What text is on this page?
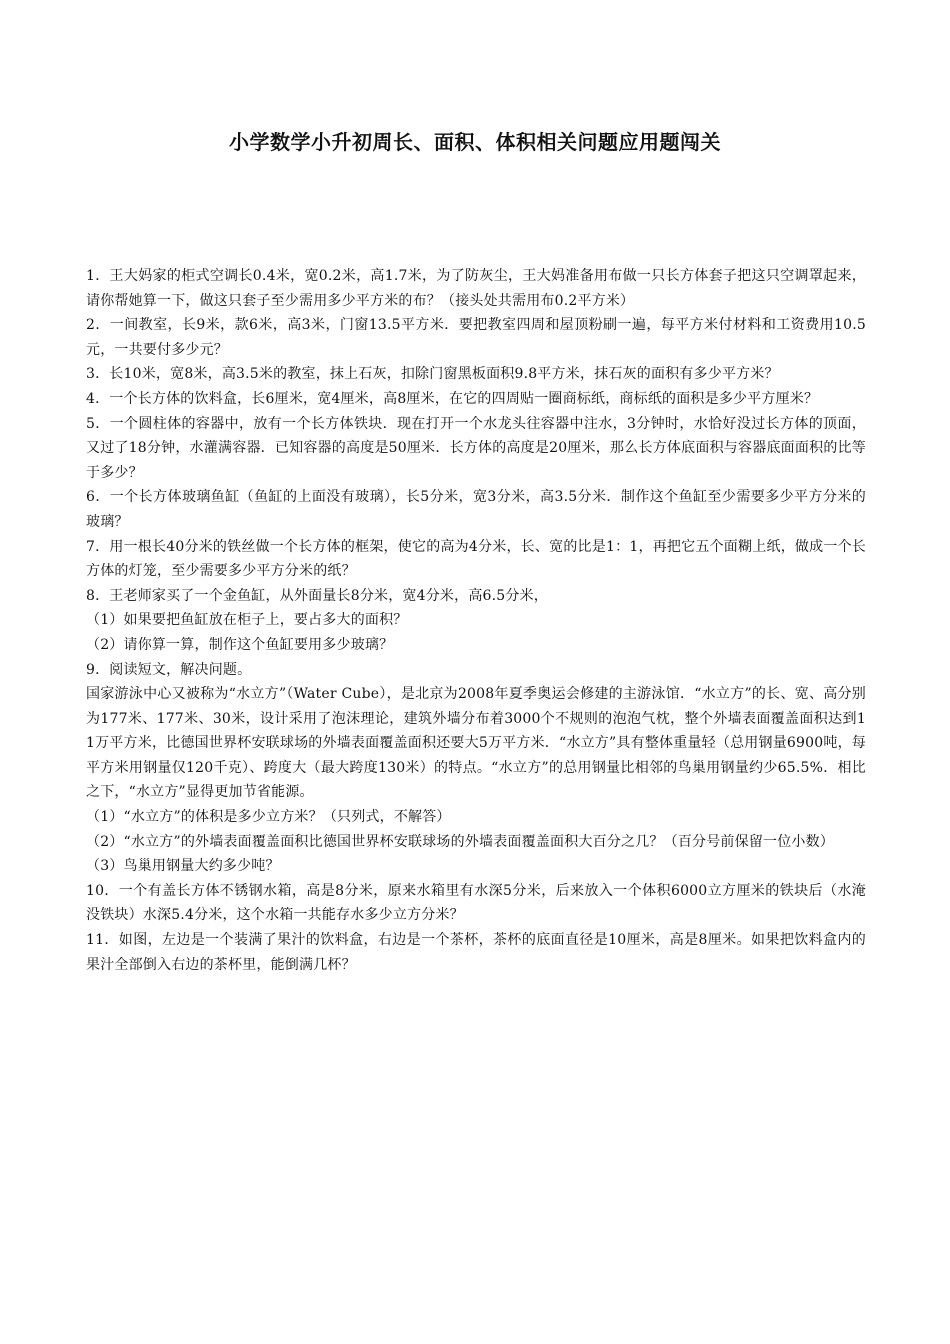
小学数学小升初周长、面积、体积相关问题应用题闯关

1．王大妈家的柜式空调长0.4米，宽0.2米，高1.7米，为了防灰尘，王大妈准备用布做一只长方体套子把这只空调罩起来，请你帮她算一下，做这只套子至少需用多少平方米的布？（接头处共需用布0.2平方米）

2．一间教室，长9米，款6米，高3米，门窗13.5平方米．要把教室四周和屋顶粉刷一遍，每平方米付材料和工资费用10.5元，一共要付多少元？

3．长10米，宽8米，高3.5米的教室，抹上石灰，扣除门窗黑板面积9.8平方米，抹石灰的面积有多少平方米？

4．一个长方体的饮料盒，长6厘米，宽4厘米，高8厘米，在它的四周贴一圈商标纸，商标纸的面积是多少平方厘米？

5．一个圆柱体的容器中，放有一个长方体铁块．现在打开一个水龙头往容器中注水，3分钟时，水恰好没过长方体的顶面，又过了18分钟，水灌满容器．已知容器的高度是50厘米．长方体的高度是20厘米，那么长方体底面积与容器底面面积的比等于多少？

6．一个长方体玻璃鱼缸（鱼缸的上面没有玻璃），长5分米，宽3分米，高3.5分米．制作这个鱼缸至少需要多少平方分米的玻璃？

7．用一根长40分米的铁丝做一个长方体的框架，使它的高为4分米，长、宽的比是1：1，再把它五个面糊上纸，做成一个长方体的灯笼，至少需要多少平方分米的纸？

8．王老师家买了一个金鱼缸，从外面量长8分米，宽4分米，高6.5分米，

（1）如果要把鱼缸放在柜子上，要占多大的面积？

（2）请你算一算，制作这个鱼缸要用多少玻璃？

9．阅读短文，解决问题。

国家游泳中心又被称为“水立方”（Water Cube），是北京为2008年夏季奥运会修建的主游泳馆．“水立方”的长、宽、高分别为177米、177米、30米，设计采用了泡沫理论，建筑外墙分布着3000个不规则的泡泡气枕，整个外墙表面覆盖面积达到11万平方米，比德国世界杯安联球场的外墙表面覆盖面积还要大5万平方米．“水立方”具有整体重量轻（总用钢量6900吨，每平方米用钢量仅120千克）、跨度大（最大跨度130米）的特点。“水立方”的总用钢量比相邻的鸟巢用钢量约少65.5%．相比之下，“水立方”显得更加节省能源。

（1）“水立方”的体积是多少立方米？（只列式，不解答）

（2）“水立方”的外墙表面覆盖面积比德国世界杯安联球场的外墙表面覆盖面积大百分之几？（百分号前保留一位小数）

（3）鸟巢用钢量大约多少吨？

10．一个有盖长方体不锈钢水箱，高是8分米，原来水箱里有水深5分米，后来放入一个体积6000立方厘米的铁块后（水淹没铁块）水深5.4分米，这个水箱一共能存水多少立方分米？

11．如图，左边是一个装满了果汁的饮料盒，右边是一个茶杯，茶杯的底面直径是10厘米，高是8厘米。如果把饮料盒内的果汁全部倒入右边的茶杯里，能倒满几杯？
